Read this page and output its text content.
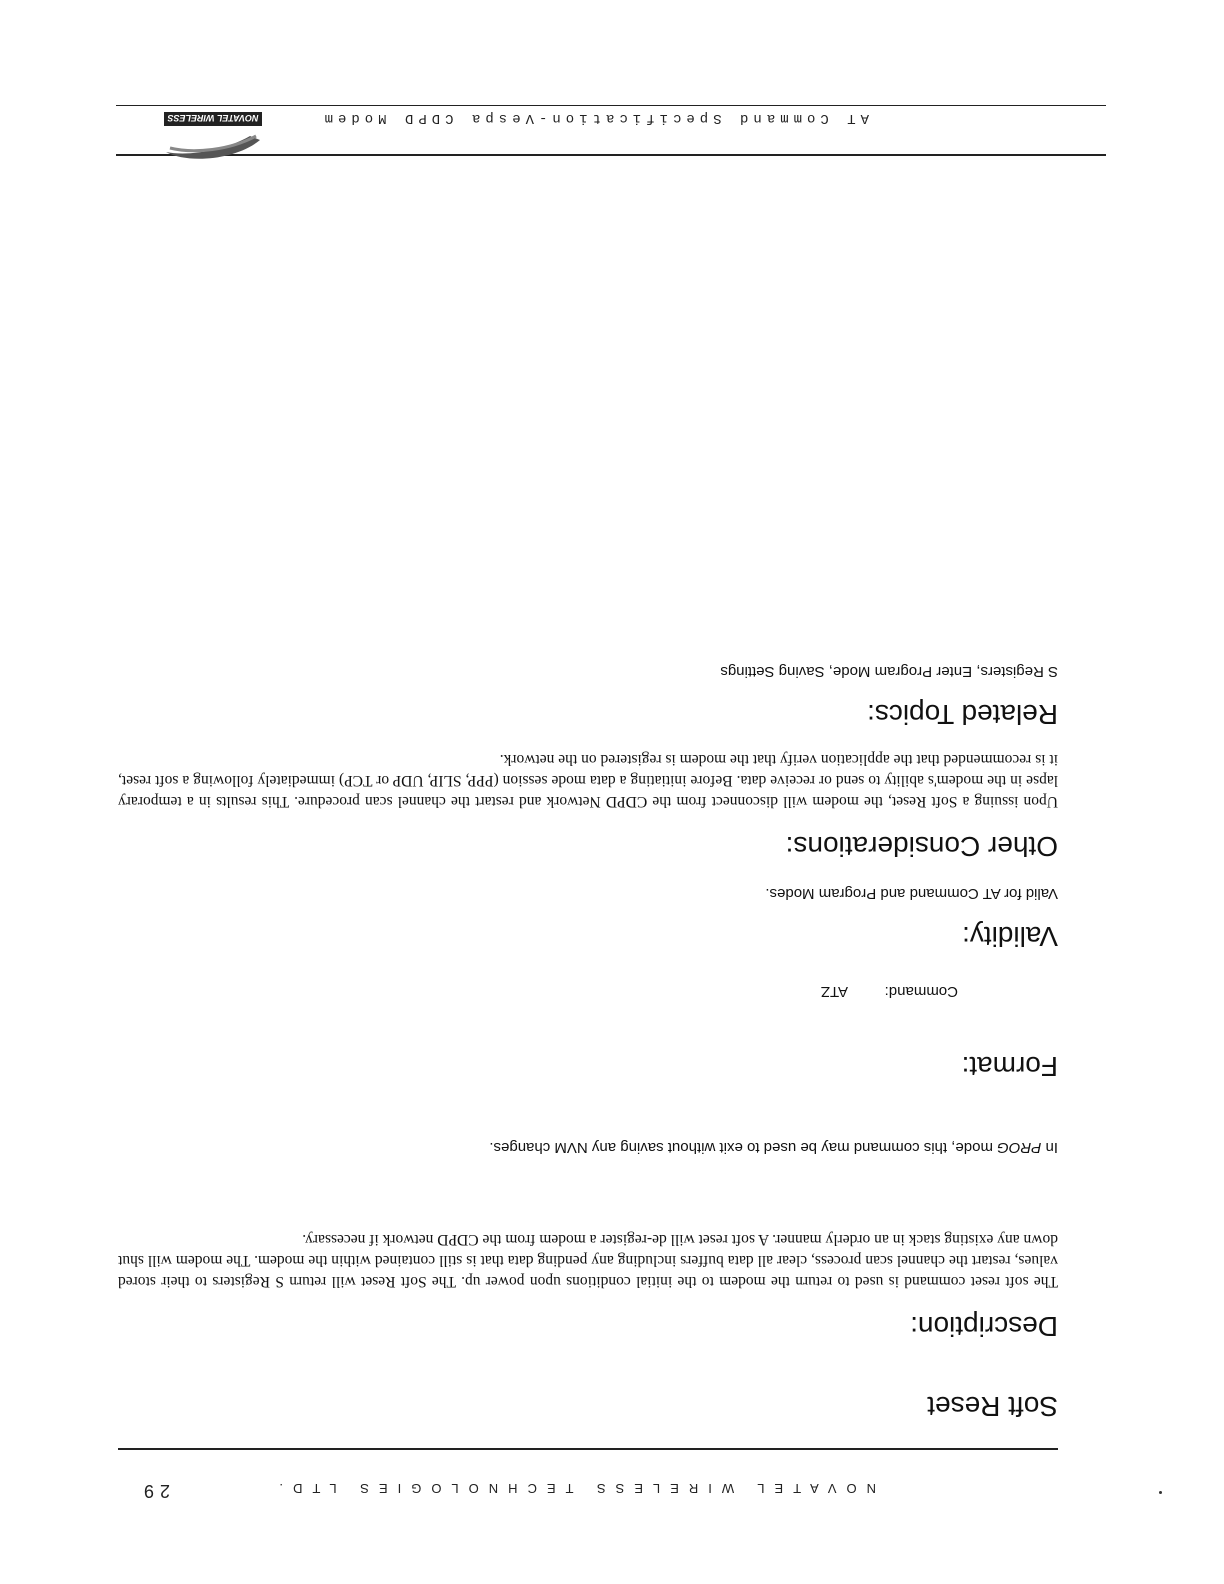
NOVATEL WIRELESS TECHNOLOGIES LTD.
29
Soft Reset
Description:
The soft reset command is used to return the modem to the initial conditions upon power up. The Soft Reset will return S Registers to their stored values, restart the channel scan process, clear all data buffers including any pending data that is still contained within the modem. The modem will shut down any existing stack in an orderly manner. A soft reset will de-register a modem from the CDPD network if necessary.
In PROG mode, this command may be used to exit without saving any NVM changes.
Format:
Command:ATZ
Validity:
Valid for AT Command and Program Modes.
Other Considerations:
Upon issuing a Soft Reset, the modem will disconnect from the CDPD Network and restart the channel scan procedure. This results in a temporary lapse in the modem's ability to send or receive data. Before initiating a data mode session (PPP, SLIP, UDP or TCP) immediately following a soft reset, it is recommended that the application verify that the modem is registered on the network.
Related Topics:
S Registers, Enter Program Mode, Saving Settings
AT Command Specification-Vespa CDPD Modem
NOVATEL WIRELESS
